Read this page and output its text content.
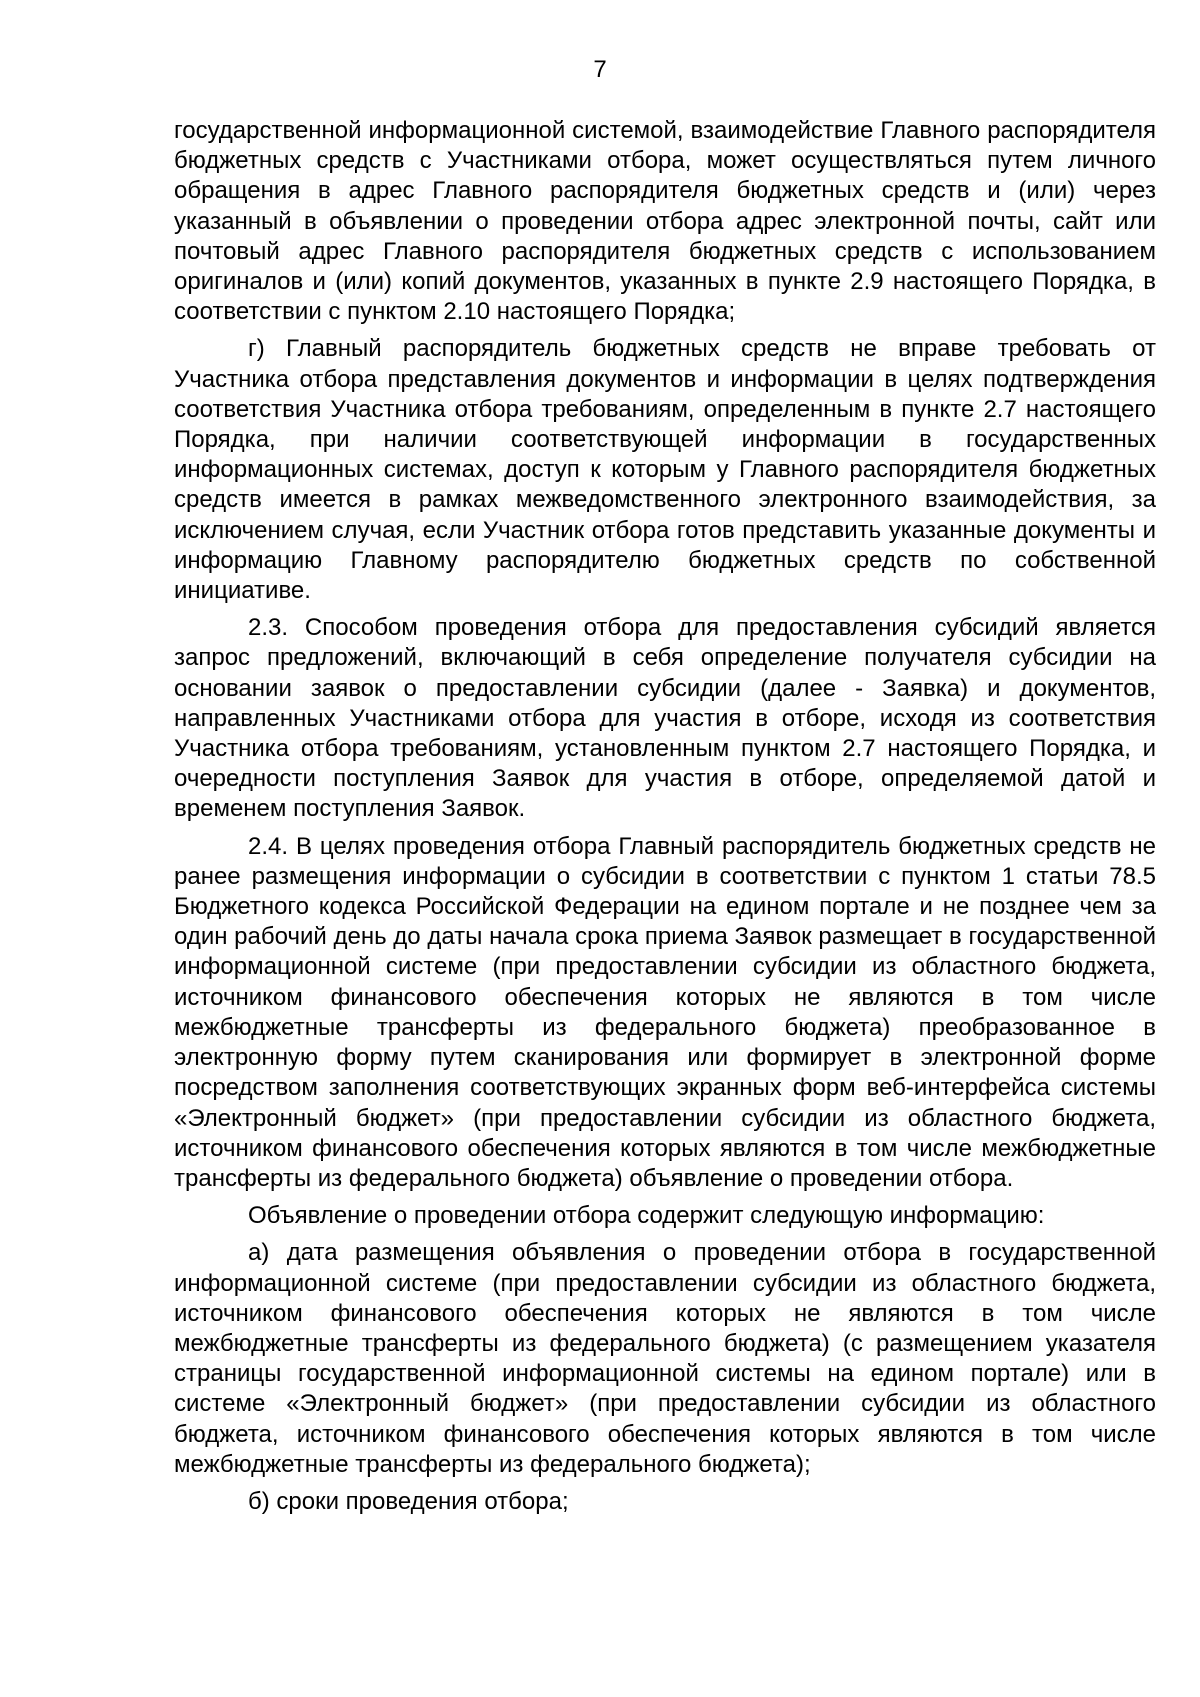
7

государственной информационной системой, взаимодействие Главного распорядителя бюджетных средств с Участниками отбора, может осуществляться путем личного обращения в адрес Главного распорядителя бюджетных средств и (или) через указанный в объявлении о проведении отбора адрес электронной почты, сайт или почтовый адрес Главного распорядителя бюджетных средств с использованием оригиналов и (или) копий документов, указанных в пункте 2.9 настоящего Порядка, в соответствии с пунктом 2.10 настоящего Порядка;

г) Главный распорядитель бюджетных средств не вправе требовать от Участника отбора представления документов и информации в целях подтверждения соответствия Участника отбора требованиям, определенным в пункте 2.7 настоящего Порядка, при наличии соответствующей информации в государственных информационных системах, доступ к которым у Главного распорядителя бюджетных средств имеется в рамках межведомственного электронного взаимодействия, за исключением случая, если Участник отбора готов представить указанные документы и информацию Главному распорядителю бюджетных средств по собственной инициативе.

2.3. Способом проведения отбора для предоставления субсидий является запрос предложений, включающий в себя определение получателя субсидии на основании заявок о предоставлении субсидии (далее - Заявка) и документов, направленных Участниками отбора для участия в отборе, исходя из соответствия Участника отбора требованиям, установленным пунктом 2.7 настоящего Порядка, и очередности поступления Заявок для участия в отборе, определяемой датой и временем поступления Заявок.

2.4. В целях проведения отбора Главный распорядитель бюджетных средств не ранее размещения информации о субсидии в соответствии с пунктом 1 статьи 78.5 Бюджетного кодекса Российской Федерации на едином портале и не позднее чем за один рабочий день до даты начала срока приема Заявок размещает в государственной информационной системе (при предоставлении субсидии из областного бюджета, источником финансового обеспечения которых не являются в том числе межбюджетные трансферты из федерального бюджета) преобразованное в электронную форму путем сканирования или формирует в электронной форме посредством заполнения соответствующих экранных форм веб-интерфейса системы «Электронный бюджет» (при предоставлении субсидии из областного бюджета, источником финансового обеспечения которых являются в том числе межбюджетные трансферты из федерального бюджета) объявление о проведении отбора.

Объявление о проведении отбора содержит следующую информацию:

а) дата размещения объявления о проведении отбора в государственной информационной системе (при предоставлении субсидии из областного бюджета, источником финансового обеспечения которых не являются в том числе межбюджетные трансферты из федерального бюджета) (с размещением указателя страницы государственной информационной системы на едином портале) или в системе «Электронный бюджет» (при предоставлении субсидии из областного бюджета, источником финансового обеспечения которых являются в том числе межбюджетные трансферты из федерального бюджета);

б) сроки проведения отбора;
